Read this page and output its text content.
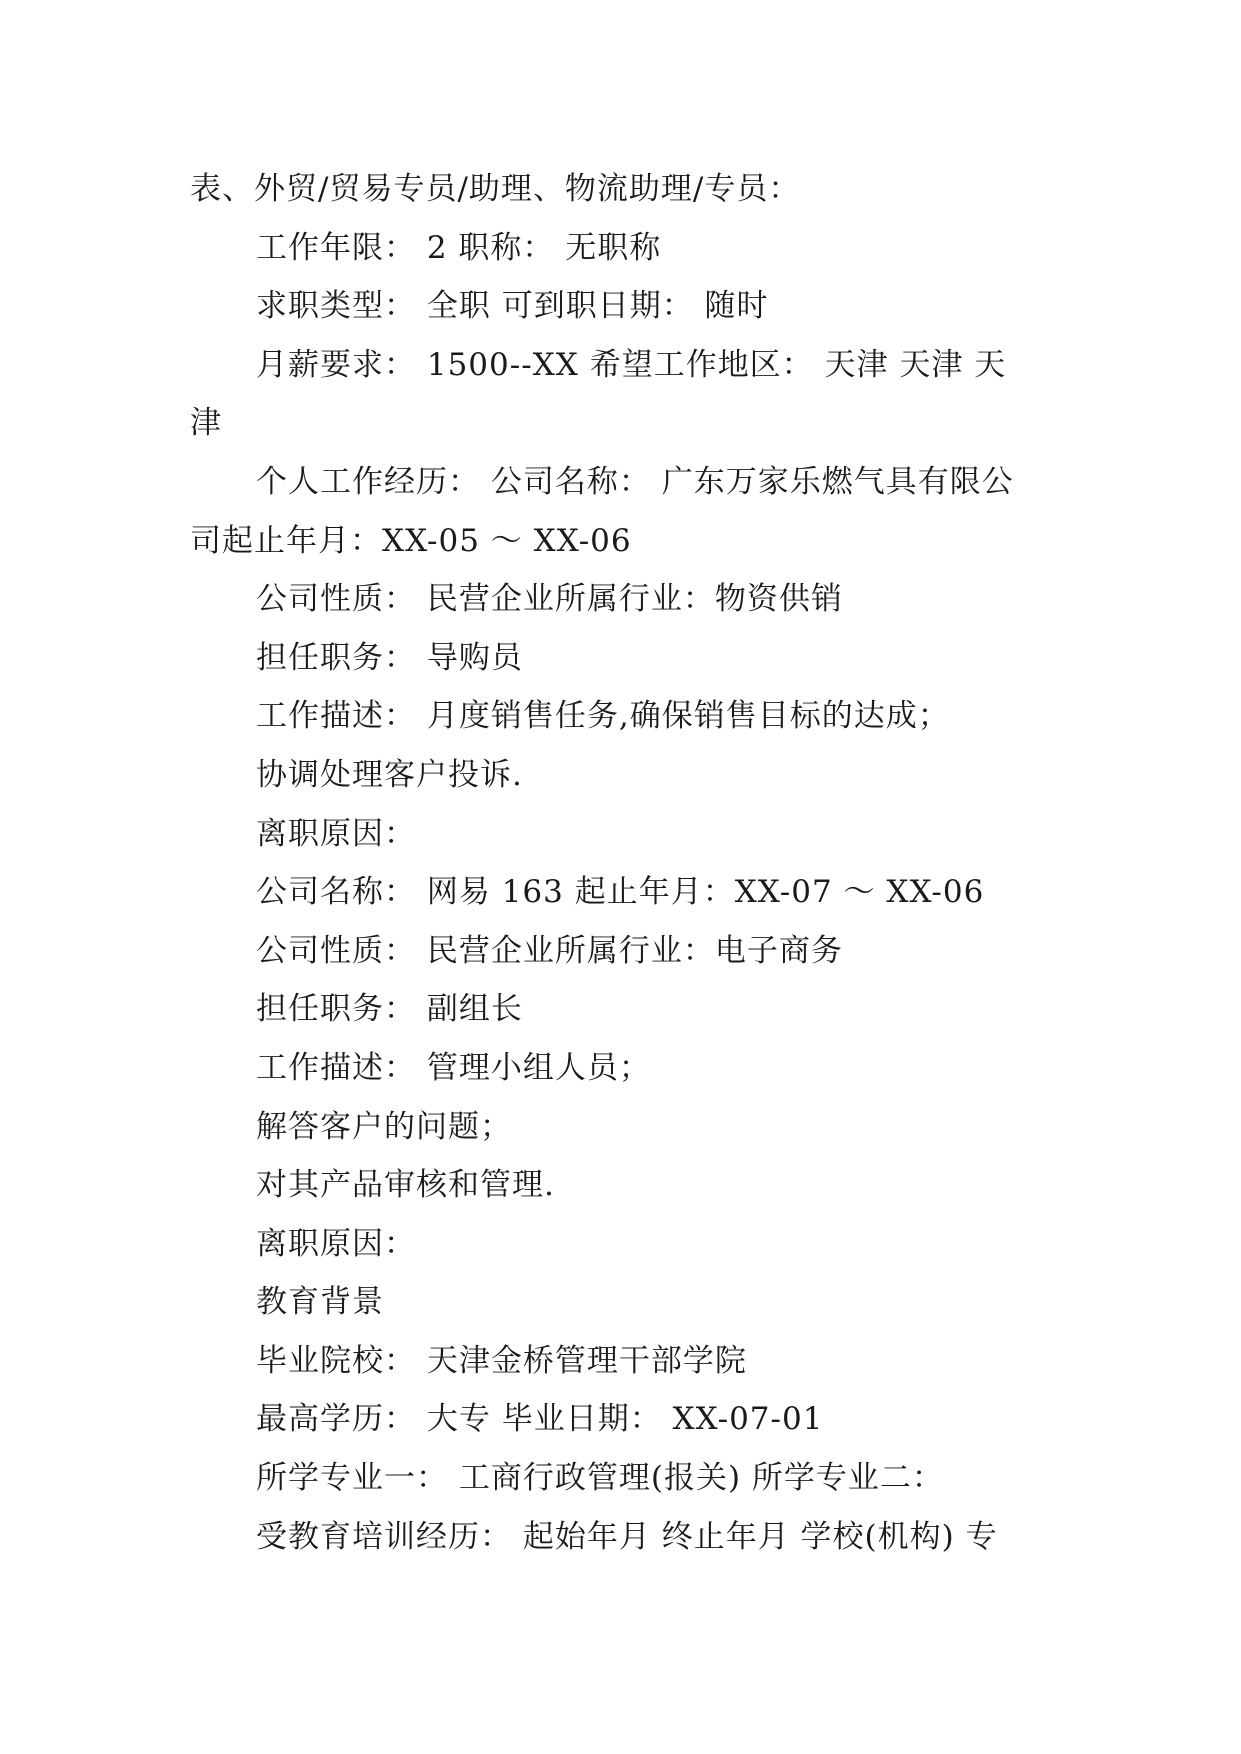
表、外贸/贸易专员/助理、物流助理/专员：
工作年限： 2 职称： 无职称
求职类型： 全职 可到职日期： 随时
月薪要求： 1500--XX 希望工作地区： 天津 天津 天
津
个人工作经历： 公司名称： 广东万家乐燃气具有限公
司起止年月：XX-05 ～ XX-06
公司性质： 民营企业所属行业：物资供销
担任职务： 导购员
工作描述： 月度销售任务,确保销售目标的达成；
协调处理客户投诉.
离职原因：
公司名称： 网易 163 起止年月：XX-07 ～ XX-06
公司性质： 民营企业所属行业：电子商务
担任职务： 副组长
工作描述： 管理小组人员；
解答客户的问题；
对其产品审核和管理.
离职原因：
教育背景
毕业院校： 天津金桥管理干部学院
最高学历： 大专 毕业日期： XX-07-01
所学专业一： 工商行政管理(报关) 所学专业二：
受教育培训经历： 起始年月 终止年月 学校(机构) 专
